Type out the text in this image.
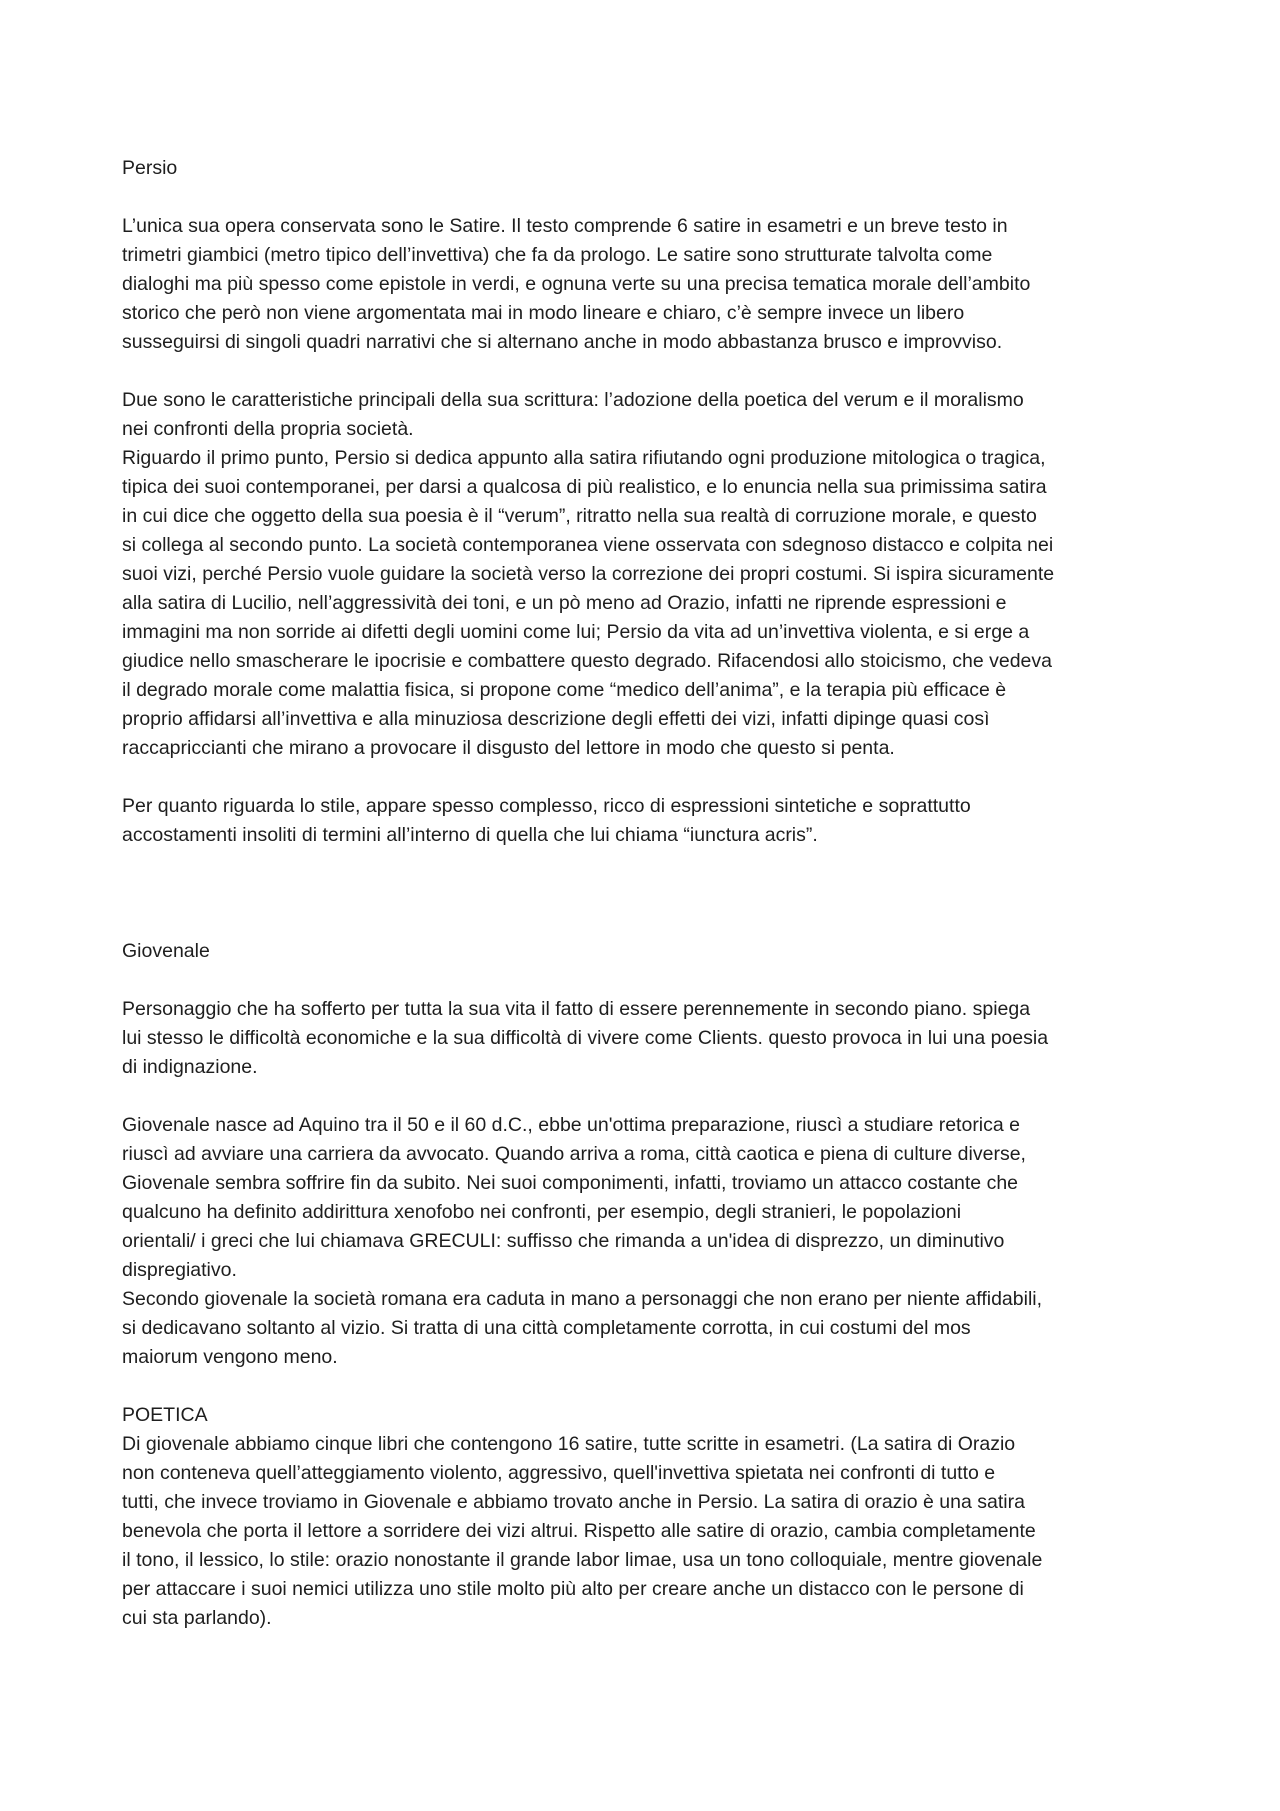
Persio
L’unica sua opera conservata sono le Satire. Il testo comprende 6 satire in esametri e un breve testo in
trimetri giambici (metro tipico dell’invettiva) che fa da prologo. Le satire sono strutturate talvolta come
dialoghi ma più spesso come epistole in verdi, e ognuna verte su una precisa tematica morale dell’ambito
storico che però non viene argomentata mai in modo lineare e chiaro, c’è sempre invece un libero
susseguirsi di singoli quadri narrativi che si alternano anche in modo abbastanza brusco e improvviso.
Due sono le caratteristiche principali della sua scrittura: l’adozione della poetica del verum e il moralismo
nei confronti della propria società.
Riguardo il primo punto, Persio si dedica appunto alla satira rifiutando ogni produzione mitologica o tragica,
tipica dei suoi contemporanei, per darsi a qualcosa di più realistico, e lo enuncia nella sua primissima satira
in cui dice che oggetto della sua poesia è il “verum”, ritratto nella sua realtà di corruzione morale, e questo
si collega al secondo punto. La società contemporanea viene osservata con sdegnoso distacco e colpita nei
suoi vizi, perché Persio vuole guidare la società verso la correzione dei propri costumi. Si ispira sicuramente
alla satira di Lucilio, nell’aggressività dei toni, e un pò meno ad Orazio, infatti ne riprende espressioni e
immagini ma non sorride ai difetti degli uomini come lui; Persio da vita ad un’invettiva violenta, e si erge a
giudice nello smascherare le ipocrisie e combattere questo degrado. Rifacendosi allo stoicismo, che vedeva
il degrado morale come malattia fisica, si propone come “medico dell’anima”, e la terapia più efficace è
proprio affidarsi all’invettiva e alla minuziosa descrizione degli effetti dei vizi, infatti dipinge quasi così
raccapriccianti che mirano a provocare il disgusto del lettore in modo che questo si penta.
Per quanto riguarda lo stile, appare spesso complesso, ricco di espressioni sintetiche e soprattutto
accostamenti insoliti di termini all’interno di quella che lui chiama “iunctura acris”.
Giovenale
Personaggio che ha sofferto per tutta la sua vita il fatto di essere perennemente in secondo piano. spiega
lui stesso le difficoltà economiche e la sua difficoltà di vivere come Clients. questo provoca in lui una poesia
di indignazione.
Giovenale nasce ad Aquino tra il 50 e il 60 d.C., ebbe un'ottima preparazione, riuscì a studiare retorica e
riuscì ad avviare una carriera da avvocato. Quando arriva a roma, città caotica e piena di culture diverse,
Giovenale sembra soffrire fin da subito. Nei suoi componimenti, infatti, troviamo un attacco costante che
qualcuno ha definito addirittura xenofobo nei confronti, per esempio, degli stranieri, le popolazioni
orientali/ i greci che lui chiamava GRECULI: suffisso che rimanda a un'idea di disprezzo, un diminutivo
dispregiativo.
Secondo giovenale la società romana era caduta in mano a personaggi che non erano per niente affidabili,
si dedicavano soltanto al vizio. Si tratta di una città completamente corrotta, in cui costumi del mos
maiorum vengono meno.
POETICA
Di giovenale abbiamo cinque libri che contengono 16 satire, tutte scritte in esametri. (La satira di Orazio
non conteneva quell’atteggiamento violento, aggressivo, quell'invettiva spietata nei confronti di tutto e
tutti, che invece troviamo in Giovenale e abbiamo trovato anche in Persio. La satira di orazio è una satira
benevola che porta il lettore a sorridere dei vizi altrui. Rispetto alle satire di orazio, cambia completamente
il tono, il lessico, lo stile: orazio nonostante il grande labor limae, usa un tono colloquiale, mentre giovenale
per attaccare i suoi nemici utilizza uno stile molto più alto per creare anche un distacco con le persone di
cui sta parlando).
